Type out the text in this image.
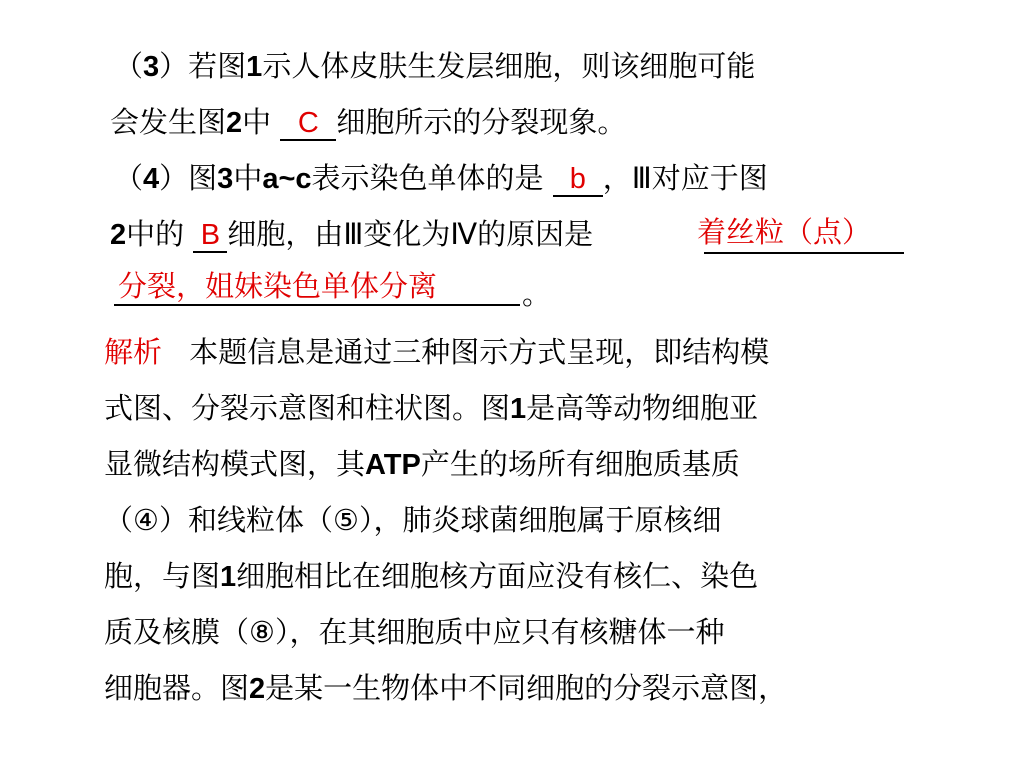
（3）若图1示人体皮肤生发层细胞，则该细胞可能
会发生图2中 C 细胞所示的分裂现象。
（4）图3中a~c表示染色单体的是 b ，Ⅲ对应于图
2中的 B 细胞，由Ⅲ变化为Ⅳ的原因是	着丝粒（点）
分裂，姐妹染色单体分离	。
解析 本题信息是通过三种图示方式呈现，即结构模
式图、分裂示意图和柱状图。图1是高等动物细胞亚
显微结构模式图，其ATP产生的场所有细胞质基质
（④）和线粒体（⑤），肺炎球菌细胞属于原核细
胞，与图1细胞相比在细胞核方面应没有核仁、染色
质及核膜（⑧），在其细胞质中应只有核糖体一种
细胞器。图2是某一生物体中不同细胞的分裂示意图，
